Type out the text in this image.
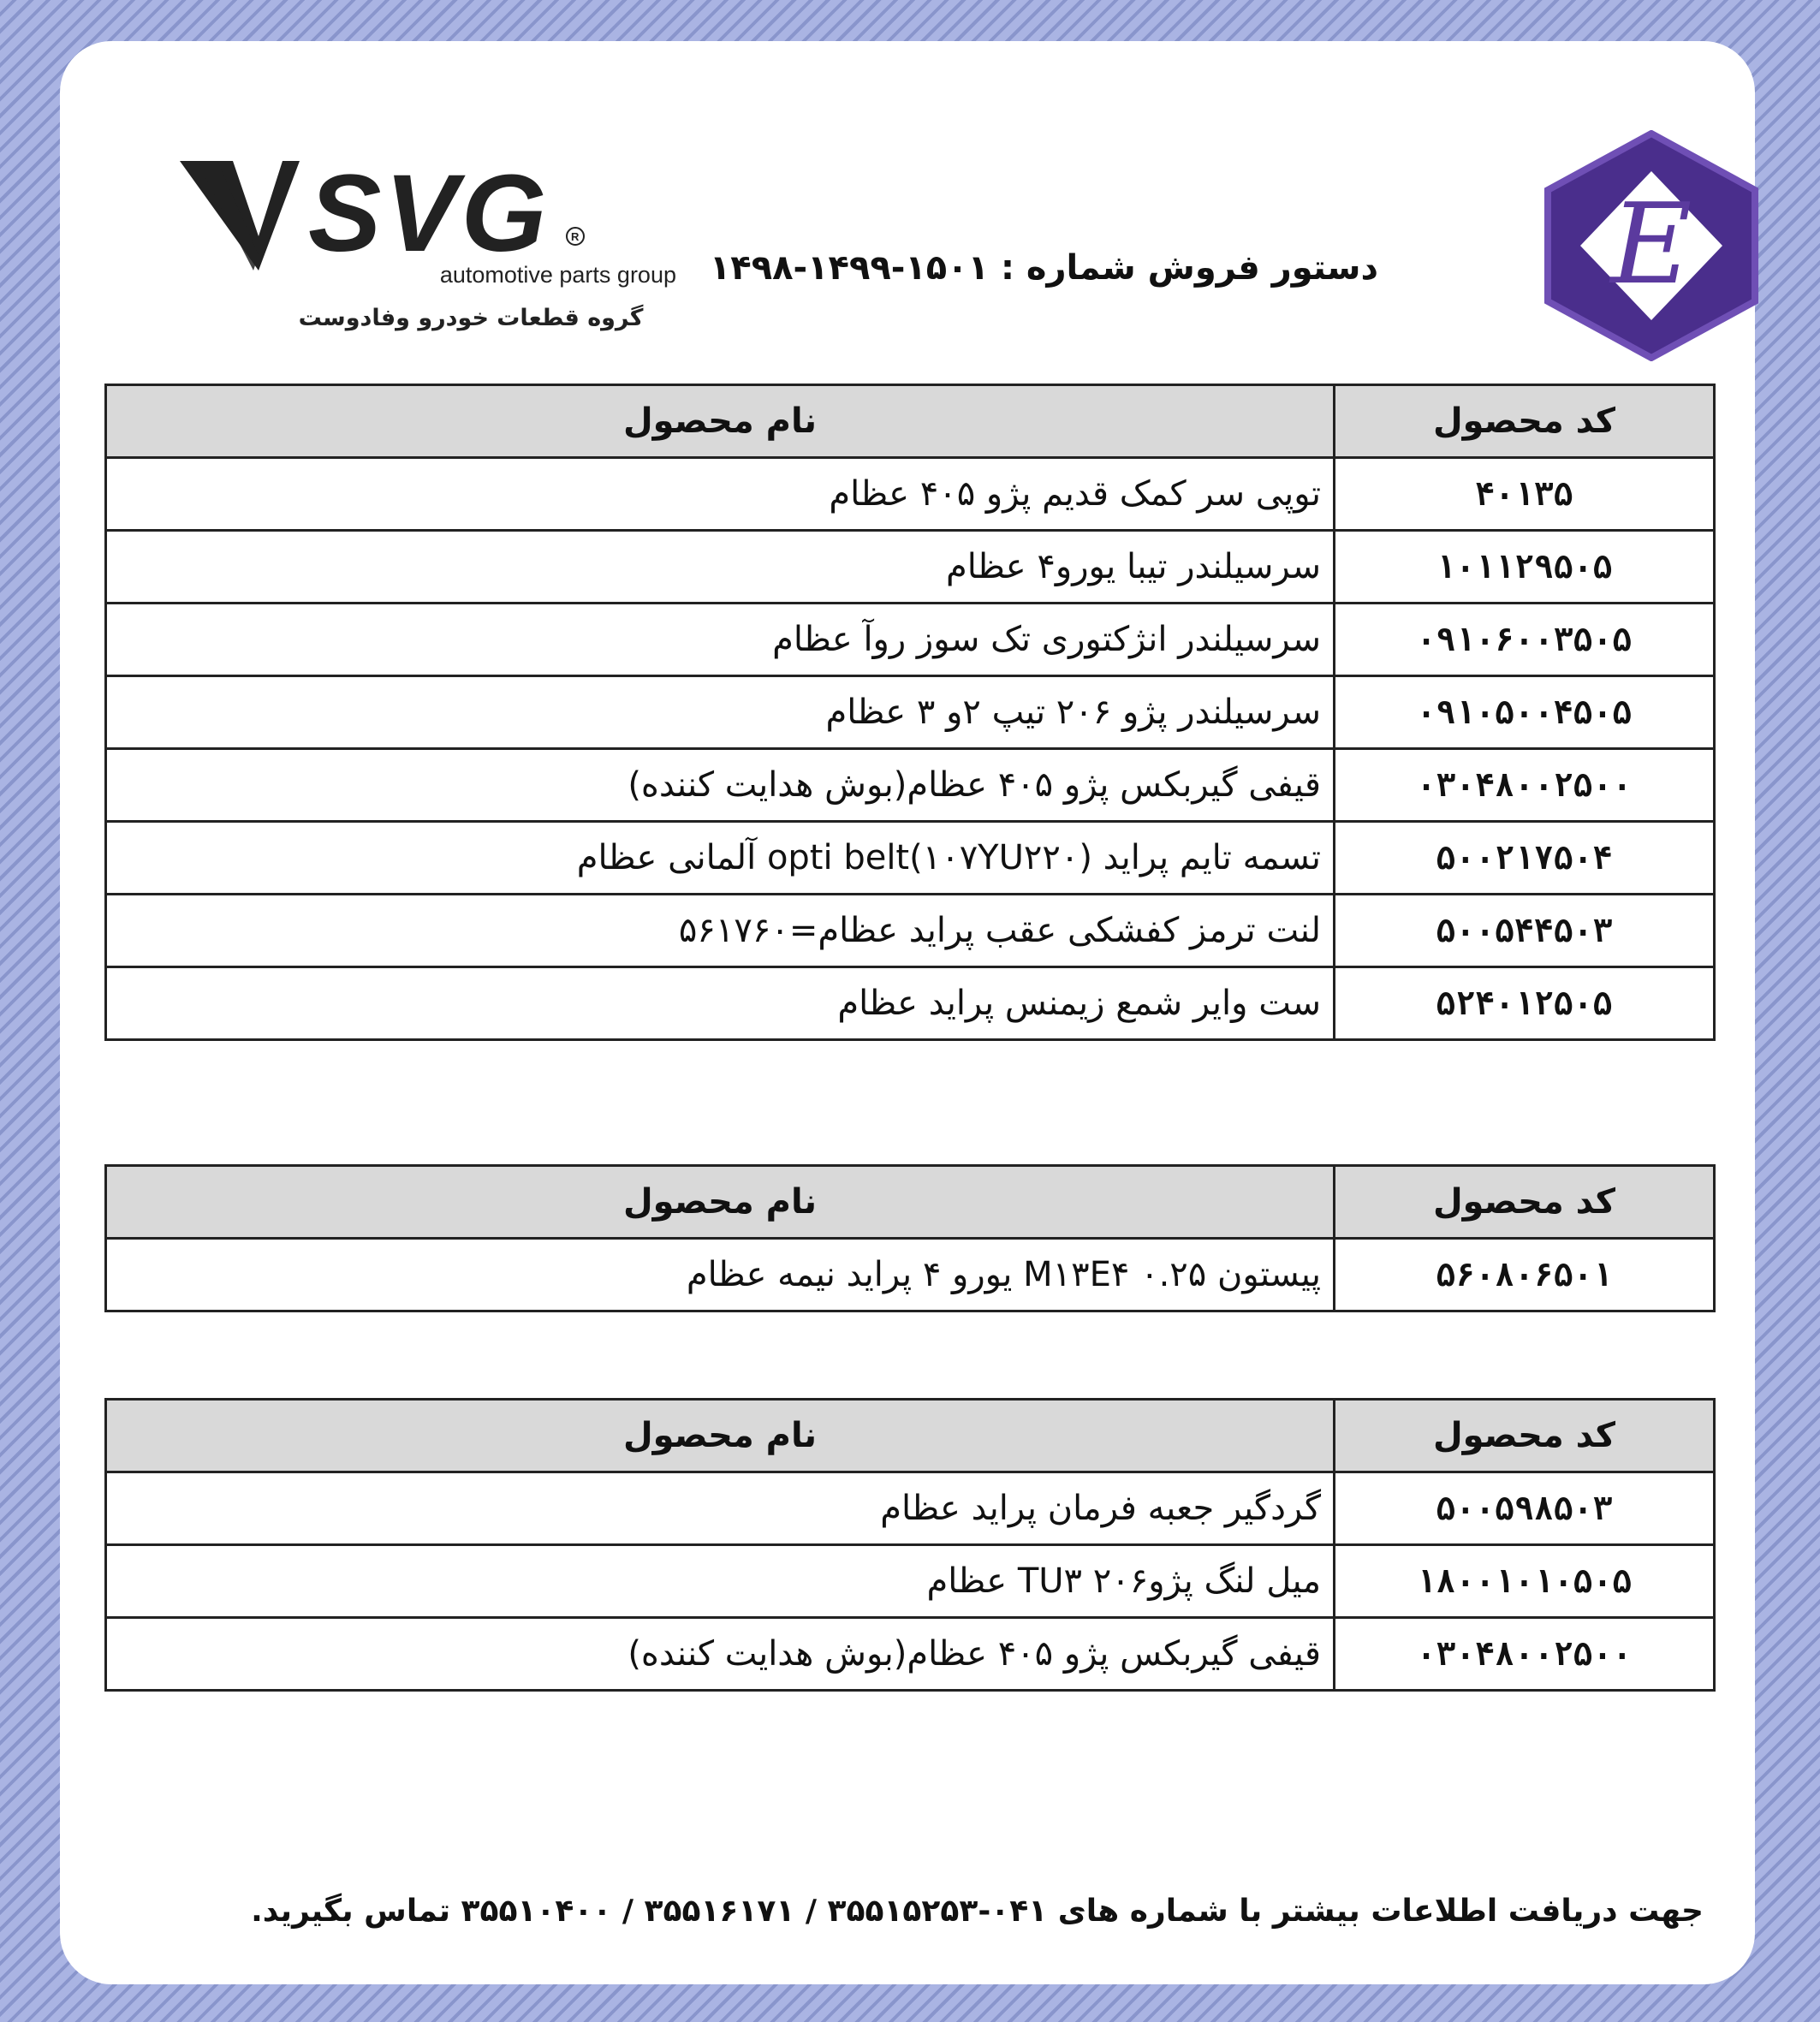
SVG R
automotive parts group
گروه قطعات خودرو وفادوست
دستور فروش شماره : ۱۵۰۱-۱۴۹۹-۱۴۹۸ E
کد محصول	نام محصول
۴۰۱۳۵	توپی سر کمک قدیم پژو ۴۰۵ عظام
۱۰۱۱۲۹۵۰۵	سرسیلندر تیبا یورو۴ عظام
۰۹۱۰۶۰۰۳۵۰۵	سرسیلندر انژکتوری تک سوز روآ عظام
۰۹۱۰۵۰۰۴۵۰۵	سرسیلندر پژو ۲۰۶ تیپ ۲و ۳ عظام
۰۳۰۴۸۰۰۲۵۰۰	قیفی گیربکس پژو ۴۰۵ عظام(بوش هدایت کننده)
۵۰۰۲۱۷۵۰۴	تسمه تایم پراید (۱۰۷YU۲۲۰)opti belt آلمانی عظام
۵۰۰۵۴۴۵۰۳	لنت ترمز کفشکی عقب پراید عظام=۵۶۱۷۶۰
۵۲۴۰۱۲۵۰۵	ست وایر شمع زیمنس پراید عظام
کد محصول	نام محصول
۵۶۰۸۰۶۵۰۱	پیستون M۱۳E۴ ۰.۲۵ یورو ۴ پراید نیمه عظام
کد محصول	نام محصول
۵۰۰۵۹۸۵۰۳	گردگیر جعبه فرمان پراید عظام
۱۸۰۰۱۰۱۰۵۰۵	میل لنگ پژو۲۰۶ TU۳ عظام
۰۳۰۴۸۰۰۲۵۰۰	قیفی گیربکس پژو ۴۰۵ عظام(بوش هدایت کننده)
جهت دریافت اطلاعات بیشتر با شماره های ۰۴۱-۳۵۵۱۵۲۵۳ / ۳۵۵۱۶۱۷۱ / ۳۵۵۱۰۴۰۰ تماس بگیرید.
